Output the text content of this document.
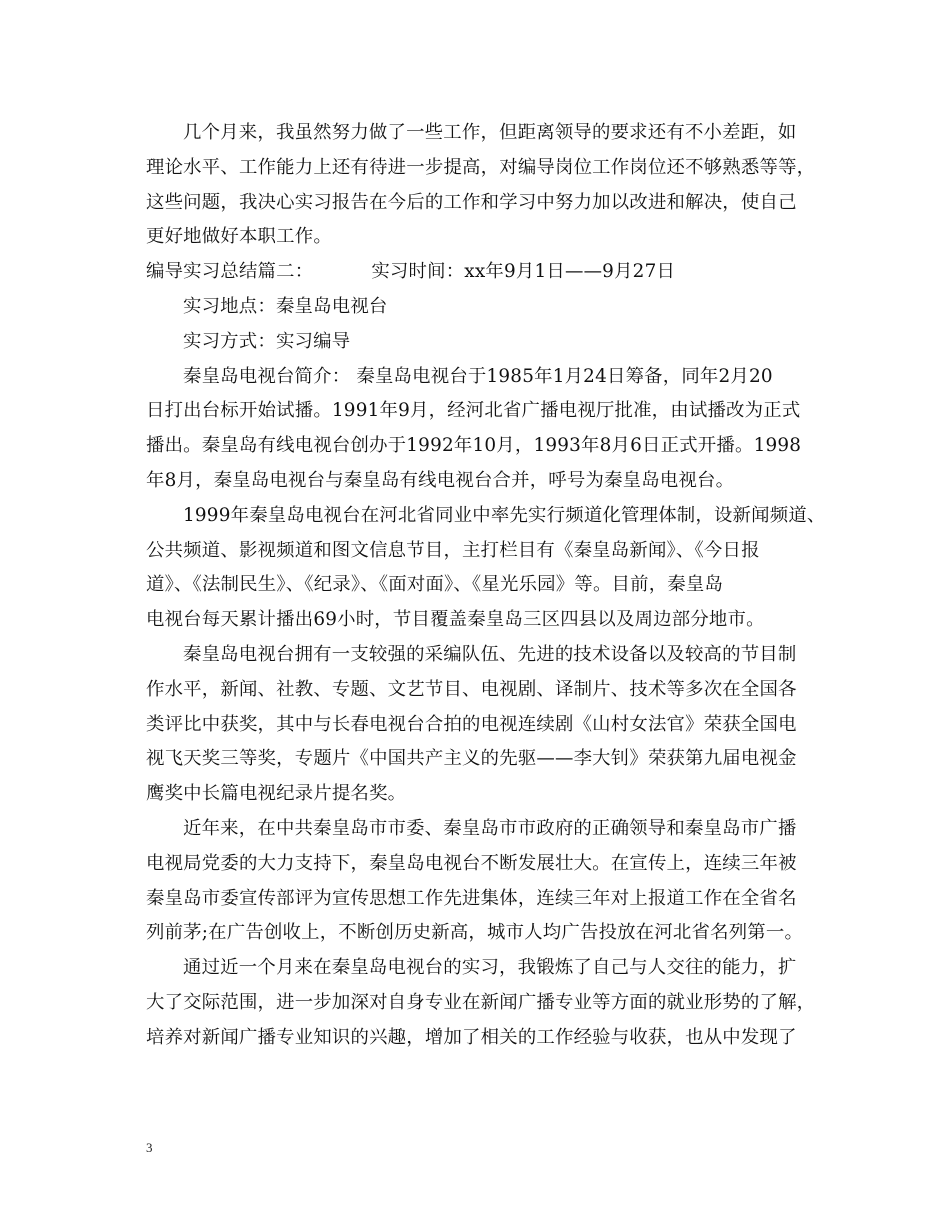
几个月来，我虽然努力做了一些工作，但距离领导的要求还有不小差距，如
理论水平、工作能力上还有待进一步提高，对编导岗位工作岗位还不够熟悉等等，
这些问题，我决心实习报告在今后的工作和学习中努力加以改进和解决，使自己
更好地做好本职工作。
编导实习总结篇二：	实习时间：xx年9月1日——9月27日
实习地点：秦皇岛电视台
实习方式：实习编导
秦皇岛电视台简介： 秦皇岛电视台于1985年1月24日筹备，同年2月20
日打出台标开始试播。1991年9月，经河北省广播电视厅批准，由试播改为正式
播出。秦皇岛有线电视台创办于1992年10月，1993年8月6日正式开播。1998
年8月，秦皇岛电视台与秦皇岛有线电视台合并，呼号为秦皇岛电视台。
1999年秦皇岛电视台在河北省同业中率先实行频道化管理体制，设新闻频道、
公共频道、影视频道和图文信息节目，主打栏目有《秦皇岛新闻》、《今日报
道》、《法制民生》、《纪录》、《面对面》、《星光乐园》等。目前，秦皇岛
电视台每天累计播出69小时，节目覆盖秦皇岛三区四县以及周边部分地市。
秦皇岛电视台拥有一支较强的采编队伍、先进的技术设备以及较高的节目制
作水平，新闻、社教、专题、文艺节目、电视剧、译制片、技术等多次在全国各
类评比中获奖，其中与长春电视台合拍的电视连续剧《山村女法官》荣获全国电
视飞天奖三等奖，专题片《中国共产主义的先驱——李大钊》荣获第九届电视金
鹰奖中长篇电视纪录片提名奖。
近年来，在中共秦皇岛市市委、秦皇岛市市政府的正确领导和秦皇岛市广播
电视局党委的大力支持下，秦皇岛电视台不断发展壮大。在宣传上，连续三年被
秦皇岛市委宣传部评为宣传思想工作先进集体，连续三年对上报道工作在全省名
列前茅;在广告创收上，不断创历史新高，城市人均广告投放在河北省名列第一。
通过近一个月来在秦皇岛电视台的实习，我锻炼了自己与人交往的能力，扩
大了交际范围，进一步加深对自身专业在新闻广播专业等方面的就业形势的了解，
培养对新闻广播专业知识的兴趣，增加了相关的工作经验与收获，也从中发现了
3
